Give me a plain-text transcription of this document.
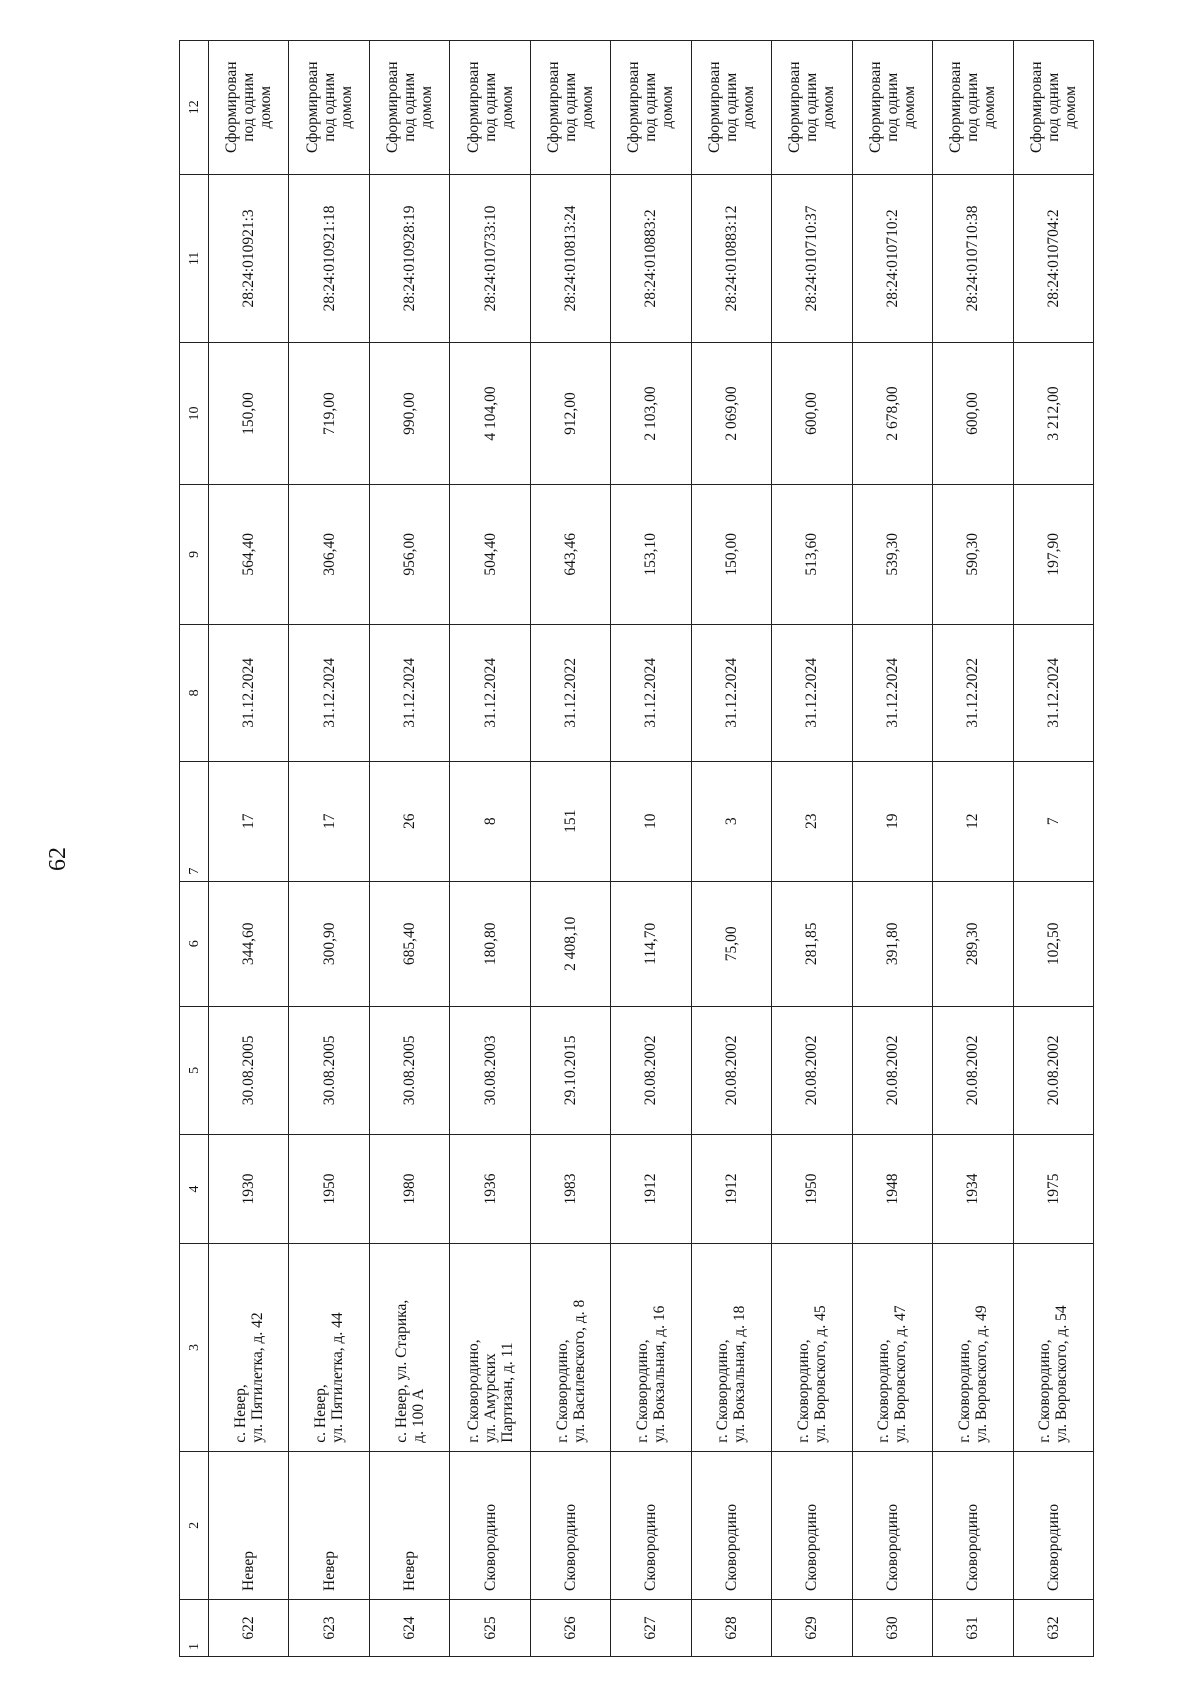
62
1	2	3	4	5	6	7	8	9	10	11	12
622	Невер	с. Невер,
ул. Пятилетка, д. 42	1930	30.08.2005	344,60	17	31.12.2024	564,40	150,00	28:24:010921:3	Сформирован
под одним
домом
623	Невер	с. Невер,
ул. Пятилетка, д. 44	1950	30.08.2005	300,90	17	31.12.2024	306,40	719,00	28:24:010921:18	Сформирован
под одним
домом
624	Невер	с. Невер, ул. Старика,
д. 100 А	1980	30.08.2005	685,40	26	31.12.2024	956,00	990,00	28:24:010928:19	Сформирован
под одним
домом
625	Сковородино	г. Сковородино,
ул. Амурских
Партизан, д. 11	1936	30.08.2003	180,80	8	31.12.2024	504,40	4 104,00	28:24:010733:10	Сформирован
под одним
домом
626	Сковородино	г. Сковородино,
ул. Василевского, д. 8	1983	29.10.2015	2 408,10	151	31.12.2022	643,46	912,00	28:24:010813:24	Сформирован
под одним
домом
627	Сковородино	г. Сковородино,
ул. Вокзальная, д. 16	1912	20.08.2002	114,70	10	31.12.2024	153,10	2 103,00	28:24:010883:2	Сформирован
под одним
домом
628	Сковородино	г. Сковородино,
ул. Вокзальная, д. 18	1912	20.08.2002	75,00	3	31.12.2024	150,00	2 069,00	28:24:010883:12	Сформирован
под одним
домом
629	Сковородино	г. Сковородино,
ул. Воровского, д. 45	1950	20.08.2002	281,85	23	31.12.2024	513,60	600,00	28:24:010710:37	Сформирован
под одним
домом
630	Сковородино	г. Сковородино,
ул. Воровского, д. 47	1948	20.08.2002	391,80	19	31.12.2024	539,30	2 678,00	28:24:010710:2	Сформирован
под одним
домом
631	Сковородино	г. Сковородино,
ул. Воровского, д. 49	1934	20.08.2002	289,30	12	31.12.2022	590,30	600,00	28:24:010710:38	Сформирован
под одним
домом
632	Сковородино	г. Сковородино,
ул. Воровского, д. 54	1975	20.08.2002	102,50	7	31.12.2024	197,90	3 212,00	28:24:010704:2	Сформирован
под одним
домом
